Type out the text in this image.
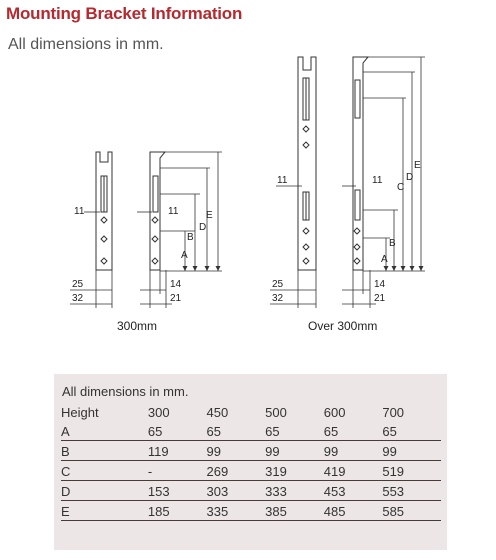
Mounting Bracket Information
All dimensions in mm.
11	11
25
32
14
21
A
B
D
E
11	11
25
32
14
21
A
B
C
D
E
300mm	Over 300mm
All dimensions in mm.
Height	300	450	500	600	700
A	65	65	65	65	65
B	119	99	99	99	99
C	-	269	319	419	519
D	153	303	333	453	553
E	185	335	385	485	585
